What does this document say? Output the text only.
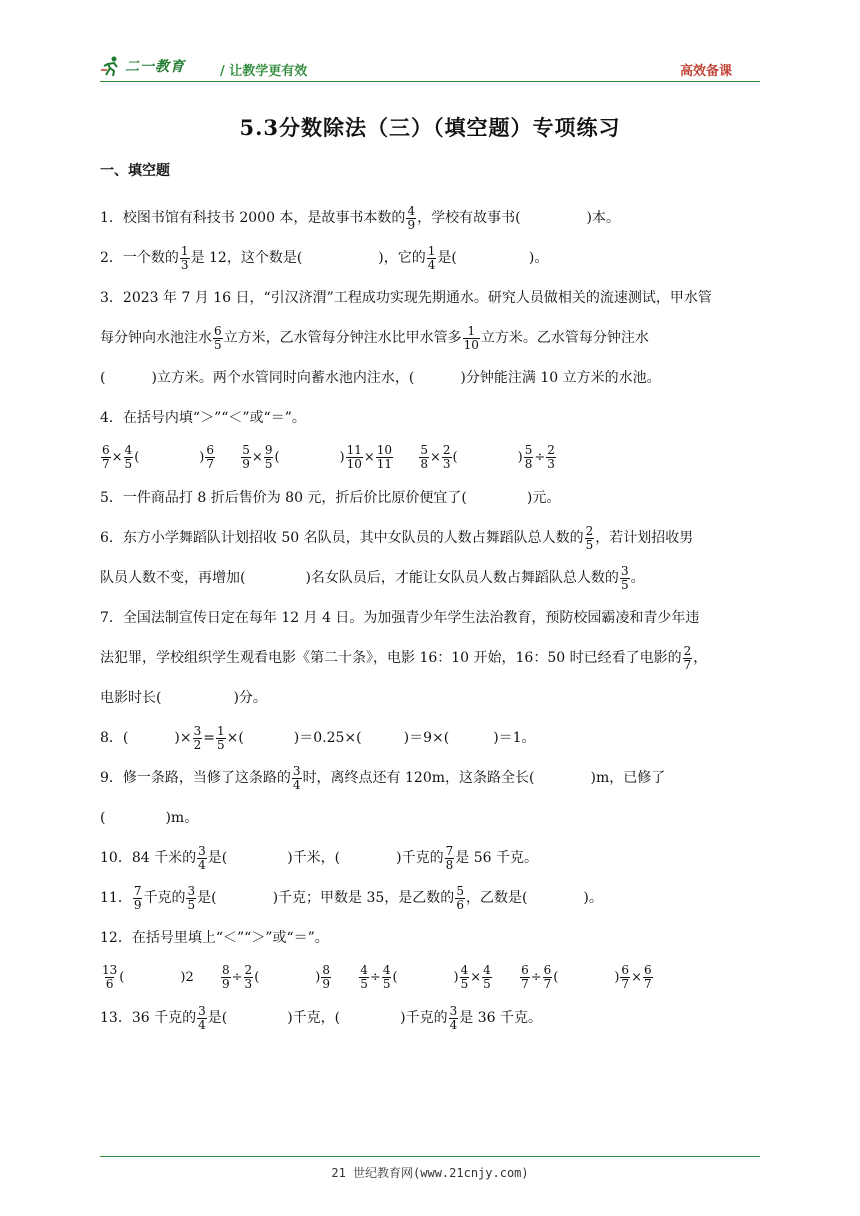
二一教育	/ 让教学更有效	高效备课
5.3分数除法（三）（填空题）专项练习
一、填空题

1．校图书馆有科技书 2000 本，是故事书本数的 $\frac{4}{9}$ ，学校有故事书(	)本。

2．一个数的 $\frac{1}{3}$ 是 12，这个数是(	)，它的 $\frac{1}{4}$ 是(	)。

3．2023 年 7 月 16 日，“引汉济渭”工程成功实现先期通水。研究人员做相关的流速测试，甲水管

每分钟向水池注水 $\frac{6}{5}$ 立方米，乙水管每分钟注水比甲水管多 $\frac{1}{10}$ 立方米。乙水管每分钟注水

(	)立方米。两个水管同时向蓄水池内注水，(	)分钟能注满 10 立方米的水池。

4．在括号内填“＞”“＜”或“＝”。

$\frac{6}{7} \times \frac{4}{5}$ (	) $\frac{6}{7}$
$\frac{5}{9} \times \frac{9}{5}$ (	) $\frac{11}{10} \times \frac{10}{11}$
$\frac{5}{8} \times \frac{2}{3}$ (	) $\frac{5}{8} \div \frac{2}{3}$

5．一件商品打 8 折后售价为 80 元，折后价比原价便宜了(	)元。

6．东方小学舞蹈队计划招收 50 名队员，其中女队员的人数占舞蹈队总人数的 $\frac{2}{5}$ ，若计划招收男

队员人数不变，再增加(	)名女队员后，才能让女队员人数占舞蹈队总人数的 $\frac{3}{5}$ 。

7．全国法制宣传日定在每年 12 月 4 日。为加强青少年学生法治教育，预防校园霸凌和青少年违

法犯罪，学校组织学生观看电影《第二十条》，电影 16：10 开始，16：50 时已经看了电影的 $\frac{2}{7}$ ，

电影时长(	)分。

8．(	)× $\frac{3}{2} = \frac{1}{5}$ ×(	)＝0.25×(	)＝9×(	)＝1。

9．修一条路，当修了这条路的 $\frac{3}{4}$ 时，离终点还有 120m，这条路全长(	)m，已修了

(	)m。

10．84 千米的 $\frac{3}{4}$ 是(	)千米，(	)千克的 $\frac{7}{8}$ 是 56 千克。

11． $\frac{7}{9}$ 千克的 $\frac{3}{5}$ 是(	)千克；甲数是 35，是乙数的 $\frac{5}{6}$ ，乙数是(	)。

12．在括号里填上“＜”“＞”或“＝”。

$\frac{13}{6}$ (	)$2 \frac{8}{9} \div \frac{2}{3}$ (	) $\frac{8}{9}$
$\frac{4}{5} \div \frac{4}{5}$ (	) $\frac{4}{5} \times \frac{4}{5}$
$\frac{6}{7} \div \frac{6}{7}$ (	) $\frac{6}{7} \times \frac{6}{7}$

13．36 千克的 $\frac{3}{4}$ 是(	)千克，(	)千克的 $\frac{3}{4}$ 是 36 千克。

21 世纪教育网(www.21cnjy.com)
